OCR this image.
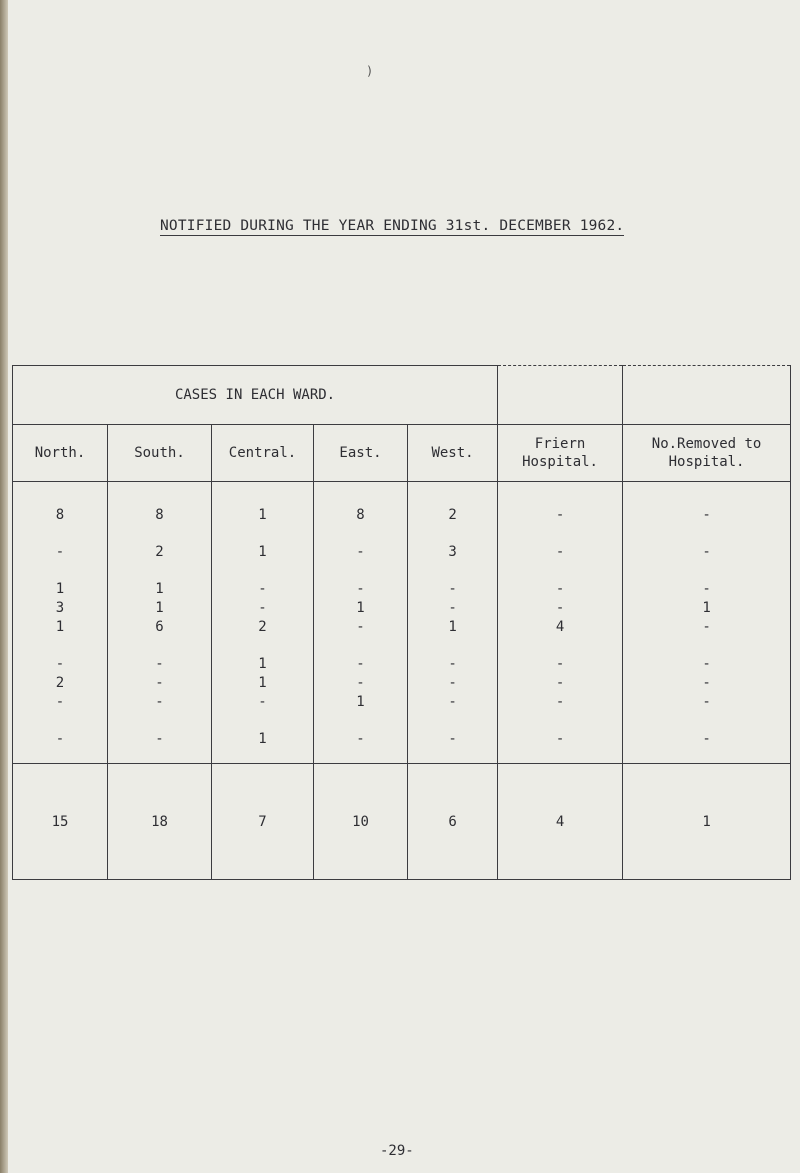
)
NOTIFIED DURING THE YEAR ENDING 31st. DECEMBER 1962.
CASES IN EACH WARD.						
North.	South.	Central.	East.	West.	Friern Hospital.	No.Removed to Hospital.

8	8	1	8	2	-	-

-	2	1	-	3	-	-

1	1	-	-	-	-	-
3	1	-	1	-	-	1
1	6	2	-	1	4	-

-	-	1	-	-	-	-
2	-	1	-	-	-	-
-	-	-	1	-	-	-

-	-	1	-	-	-	-

15	18	7	10	6	4	1
-29-
